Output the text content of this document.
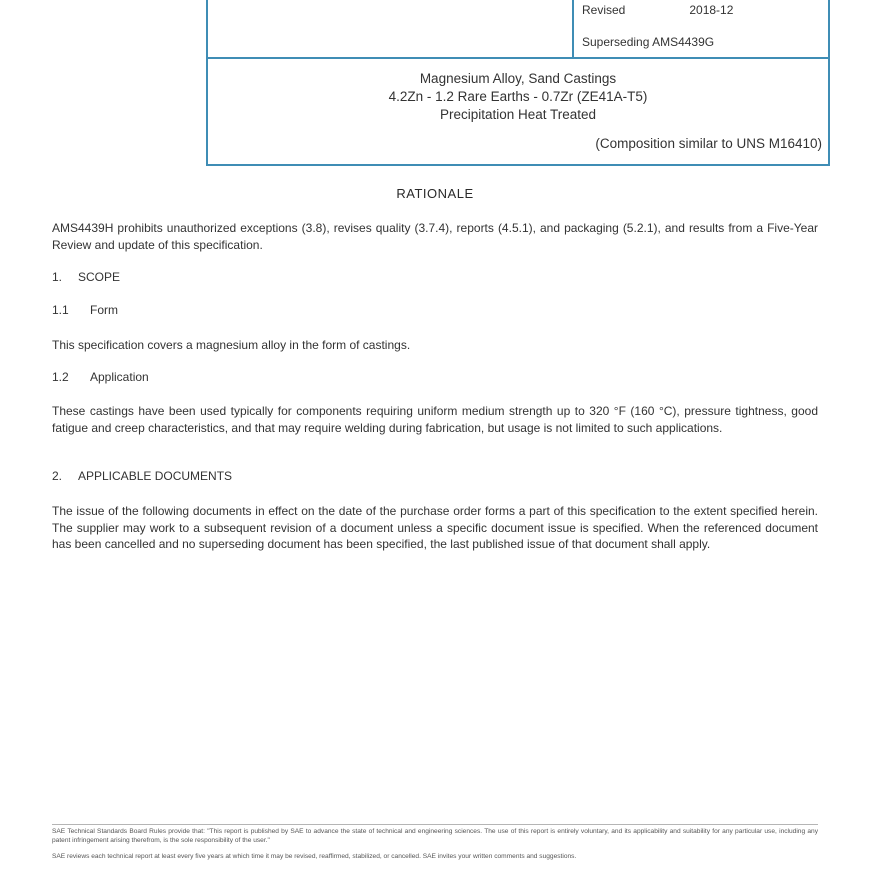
Revised	2018-12
Superseding AMS4439G
Magnesium Alloy, Sand Castings
4.2Zn - 1.2 Rare Earths - 0.7Zr (ZE41A-T5)
Precipitation Heat Treated
(Composition similar to UNS M16410)
RATIONALE
AMS4439H prohibits unauthorized exceptions (3.8), revises quality (3.7.4), reports (4.5.1), and packaging (5.2.1), and results from a Five-Year Review and update of this specification.
1. SCOPE
1.1 Form
This specification covers a magnesium alloy in the form of castings.
1.2 Application
These castings have been used typically for components requiring uniform medium strength up to 320 °F (160 °C), pressure tightness, good fatigue and creep characteristics, and that may require welding during fabrication, but usage is not limited to such applications.
2. APPLICABLE DOCUMENTS
The issue of the following documents in effect on the date of the purchase order forms a part of this specification to the extent specified herein. The supplier may work to a subsequent revision of a document unless a specific document issue is specified. When the referenced document has been cancelled and no superseding document has been specified, the last published issue of that document shall apply.
SAE Technical Standards Board Rules provide that: "This report is published by SAE to advance the state of technical and engineering sciences. The use of this report is entirely voluntary, and its applicability and suitability for any particular use, including any patent infringement arising therefrom, is the sole responsibility of the user."
SAE reviews each technical report at least every five years at which time it may be revised, reaffirmed, stabilized, or cancelled. SAE invites your written comments and suggestions.
